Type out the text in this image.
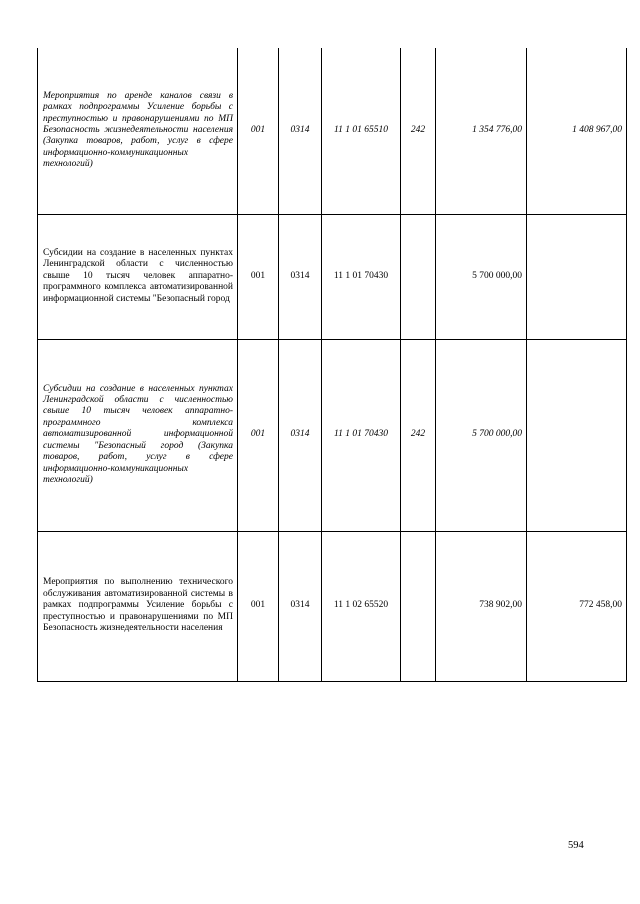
Мероприятия по аренде каналов связи в рамках подпрограммы Усиление борьбы с преступностью и правонарушениями по МП Безопасность жизнедеятельности населения (Закупка товаров, работ, услуг в сфере информационно-коммуникационных технологий)	001	0314	11 1 01 65510	242	1 354 776,00	1 408 967,00
Субсидии на создание в населенных пунктах Ленинградской области с численностью свыше 10 тысяч человек аппаратно-программного комплекса автоматизированной информационной системы "Безопасный город	001	0314	11 1 01 70430		5 700 000,00	
Субсидии на создание в населенных пунктах Ленинградской области с численностью свыше 10 тысяч человек аппаратно-программного комплекса автоматизированной информационной системы "Безопасный город (Закупка товаров, работ, услуг в сфере информационно-коммуникационных технологий)	001	0314	11 1 01 70430	242	5 700 000,00	
Мероприятия по выполнению технического обслуживания автоматизированной системы в рамках подпрограммы Усиление борьбы с преступностью и правонарушениями по МП Безопасность жизнедеятельности населения	001	0314	11 1 02 65520		738 902,00	772 458,00
594
